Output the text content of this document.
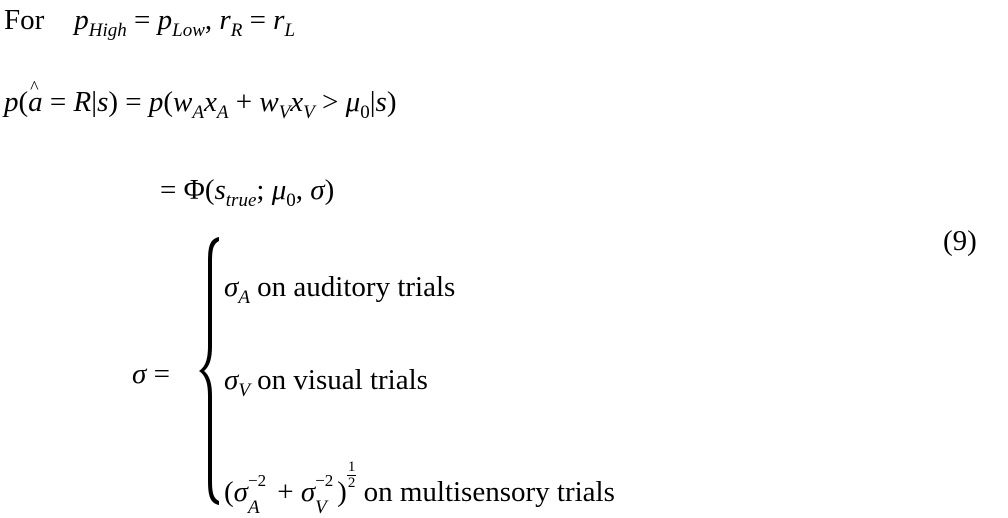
For $p_{High} = p_{Low}$, $r_R = r_L$
p(a ^ = $R|s) = p(w_Ax_A + w_Vx_V > \mu_0|s)$
= $\Phi(s_{true}$; $\mu_0$, σ)
σ =
$\sigma_A$ on auditory trials
$\sigma_V$ on visual trials
(σ −2
A + σ −2
V )
$\frac{1}{2}$
on multisensory trials
(9)
